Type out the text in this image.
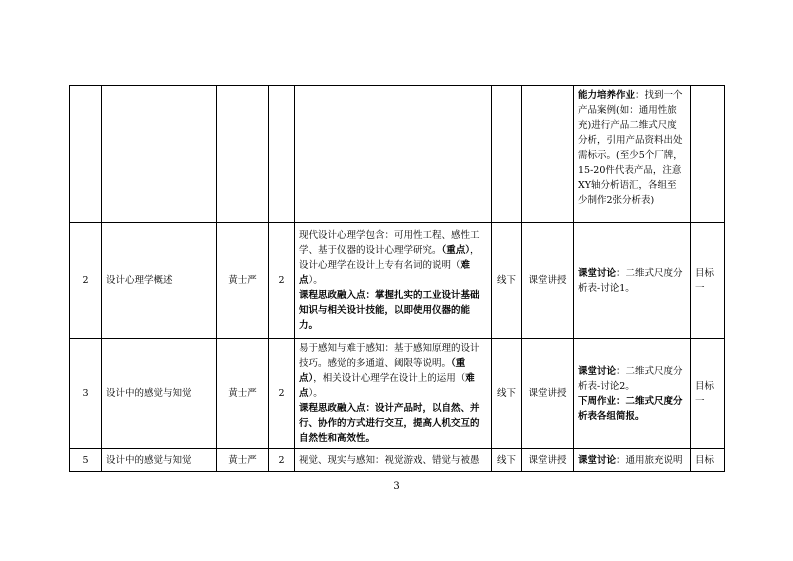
							能力培养作业：找到一个产品案例(如：通用性旅充)进行产品二维式尺度分析，引用产品资料出处需标示。(至少5个厂牌，15-20件代表产品，注意XY轴分析语汇，各组至少制作2张分析表)	
2	设计心理学概述	黄士严	2	现代设计心理学包含：可用性工程、感性工学、基于仪器的设计心理学研究。（重点），设计心理学在设计上专有名词的说明（难点）。
课程思政融入点：掌握扎实的工业设计基础知识与相关设计技能，以即使用仪器的能力。	线下	课堂讲授	课堂讨论：二维式尺度分析表-讨论1。	目标一
3	设计中的感觉与知觉	黄士严	2	易于感知与难于感知：基于感知原理的设计技巧。感觉的多通道、阈限等说明。（重点），相关设计心理学在设计上的运用（难点）。
课程思政融入点：设计产品时，以自然、并行、协作的方式进行交互，提高人机交互的自然性和高效性。	线下	课堂讲授	课堂讨论：二维式尺度分析表-讨论2。
下周作业：二维式尺度分析表各组简报。	目标一
5	设计中的感觉与知觉	黄士严	2	视觉、现实与感知：视觉游戏、错觉与被愚	线下	课堂讲授	课堂讨论：通用旅充说明	目标
3
